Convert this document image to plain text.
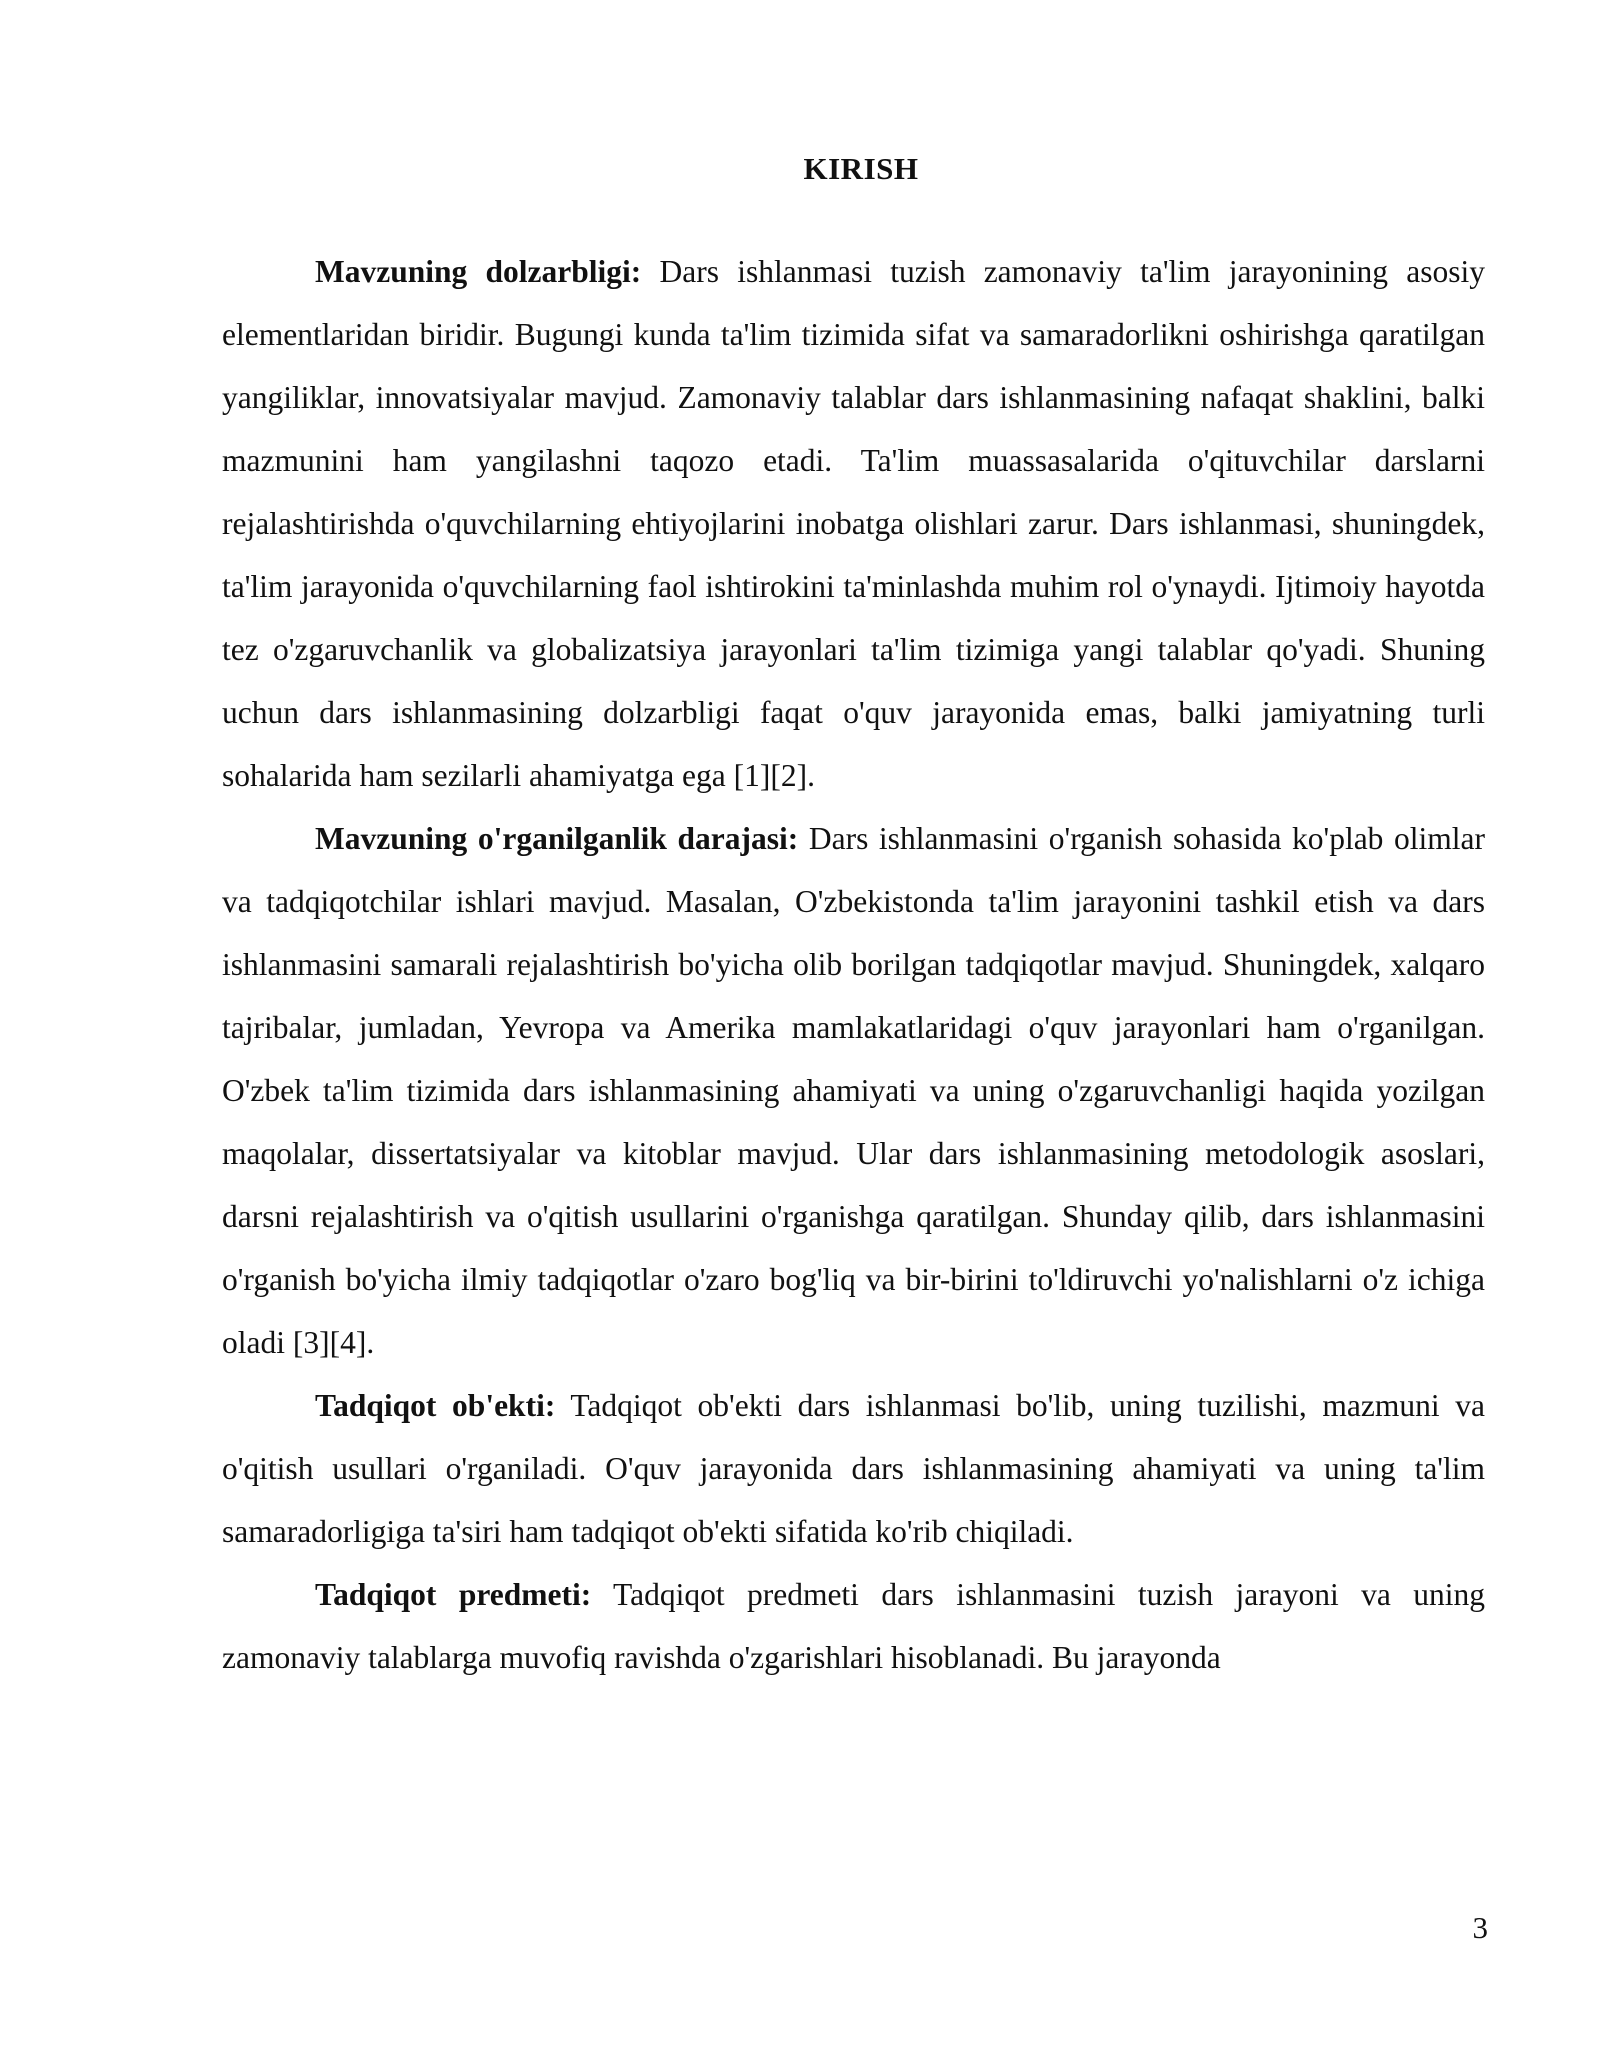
KIRISH

Mavzuning dolzarbligi: Dars ishlanmasi tuzish zamonaviy ta'lim jarayonining asosiy elementlaridan biridir. Bugungi kunda ta'lim tizimida sifat va samaradorlikni oshirishga qaratilgan yangiliklar, innovatsiyalar mavjud. Zamonaviy talablar dars ishlanmasining nafaqat shaklini, balki mazmunini ham yangilashni taqozo etadi. Ta'lim muassasalarida o'qituvchilar darslarni rejalashtirishda o'quvchilarning ehtiyojlarini inobatga olishlari zarur. Dars ishlanmasi, shuningdek, ta'lim jarayonida o'quvchilarning faol ishtirokini ta'minlashda muhim rol o'ynaydi. Ijtimoiy hayotda tez o'zgaruvchanlik va globalizatsiya jarayonlari ta'lim tizimiga yangi talablar qo'yadi. Shuning uchun dars ishlanmasining dolzarbligi faqat o'quv jarayonida emas, balki jamiyatning turli sohalarida ham sezilarli ahamiyatga ega [1][2].

Mavzuning o'rganilganlik darajasi: Dars ishlanmasini o'rganish sohasida ko'plab olimlar va tadqiqotchilar ishlari mavjud. Masalan, O'zbekistonda ta'lim jarayonini tashkil etish va dars ishlanmasini samarali rejalashtirish bo'yicha olib borilgan tadqiqotlar mavjud. Shuningdek, xalqaro tajribalar, jumladan, Yevropa va Amerika mamlakatlaridagi o'quv jarayonlari ham o'rganilgan. O'zbek ta'lim tizimida dars ishlanmasining ahamiyati va uning o'zgaruvchanligi haqida yozilgan maqolalar, dissertatsiyalar va kitoblar mavjud. Ular dars ishlanmasining metodologik asoslari, darsni rejalashtirish va o'qitish usullarini o'rganishga qaratilgan. Shunday qilib, dars ishlanmasini o'rganish bo'yicha ilmiy tadqiqotlar o'zaro bog'liq va bir-birini to'ldiruvchi yo'nalishlarni o'z ichiga oladi [3][4].

Tadqiqot ob'ekti: Tadqiqot ob'ekti dars ishlanmasi bo'lib, uning tuzilishi, mazmuni va o'qitish usullari o'rganiladi. O'quv jarayonida dars ishlanmasining ahamiyati va uning ta'lim samaradorligiga ta'siri ham tadqiqot ob'ekti sifatida ko'rib chiqiladi.

Tadqiqot predmeti: Tadqiqot predmeti dars ishlanmasini tuzish jarayoni va uning zamonaviy talablarga muvofiq ravishda o'zgarishlari hisoblanadi. Bu jarayonda

3
